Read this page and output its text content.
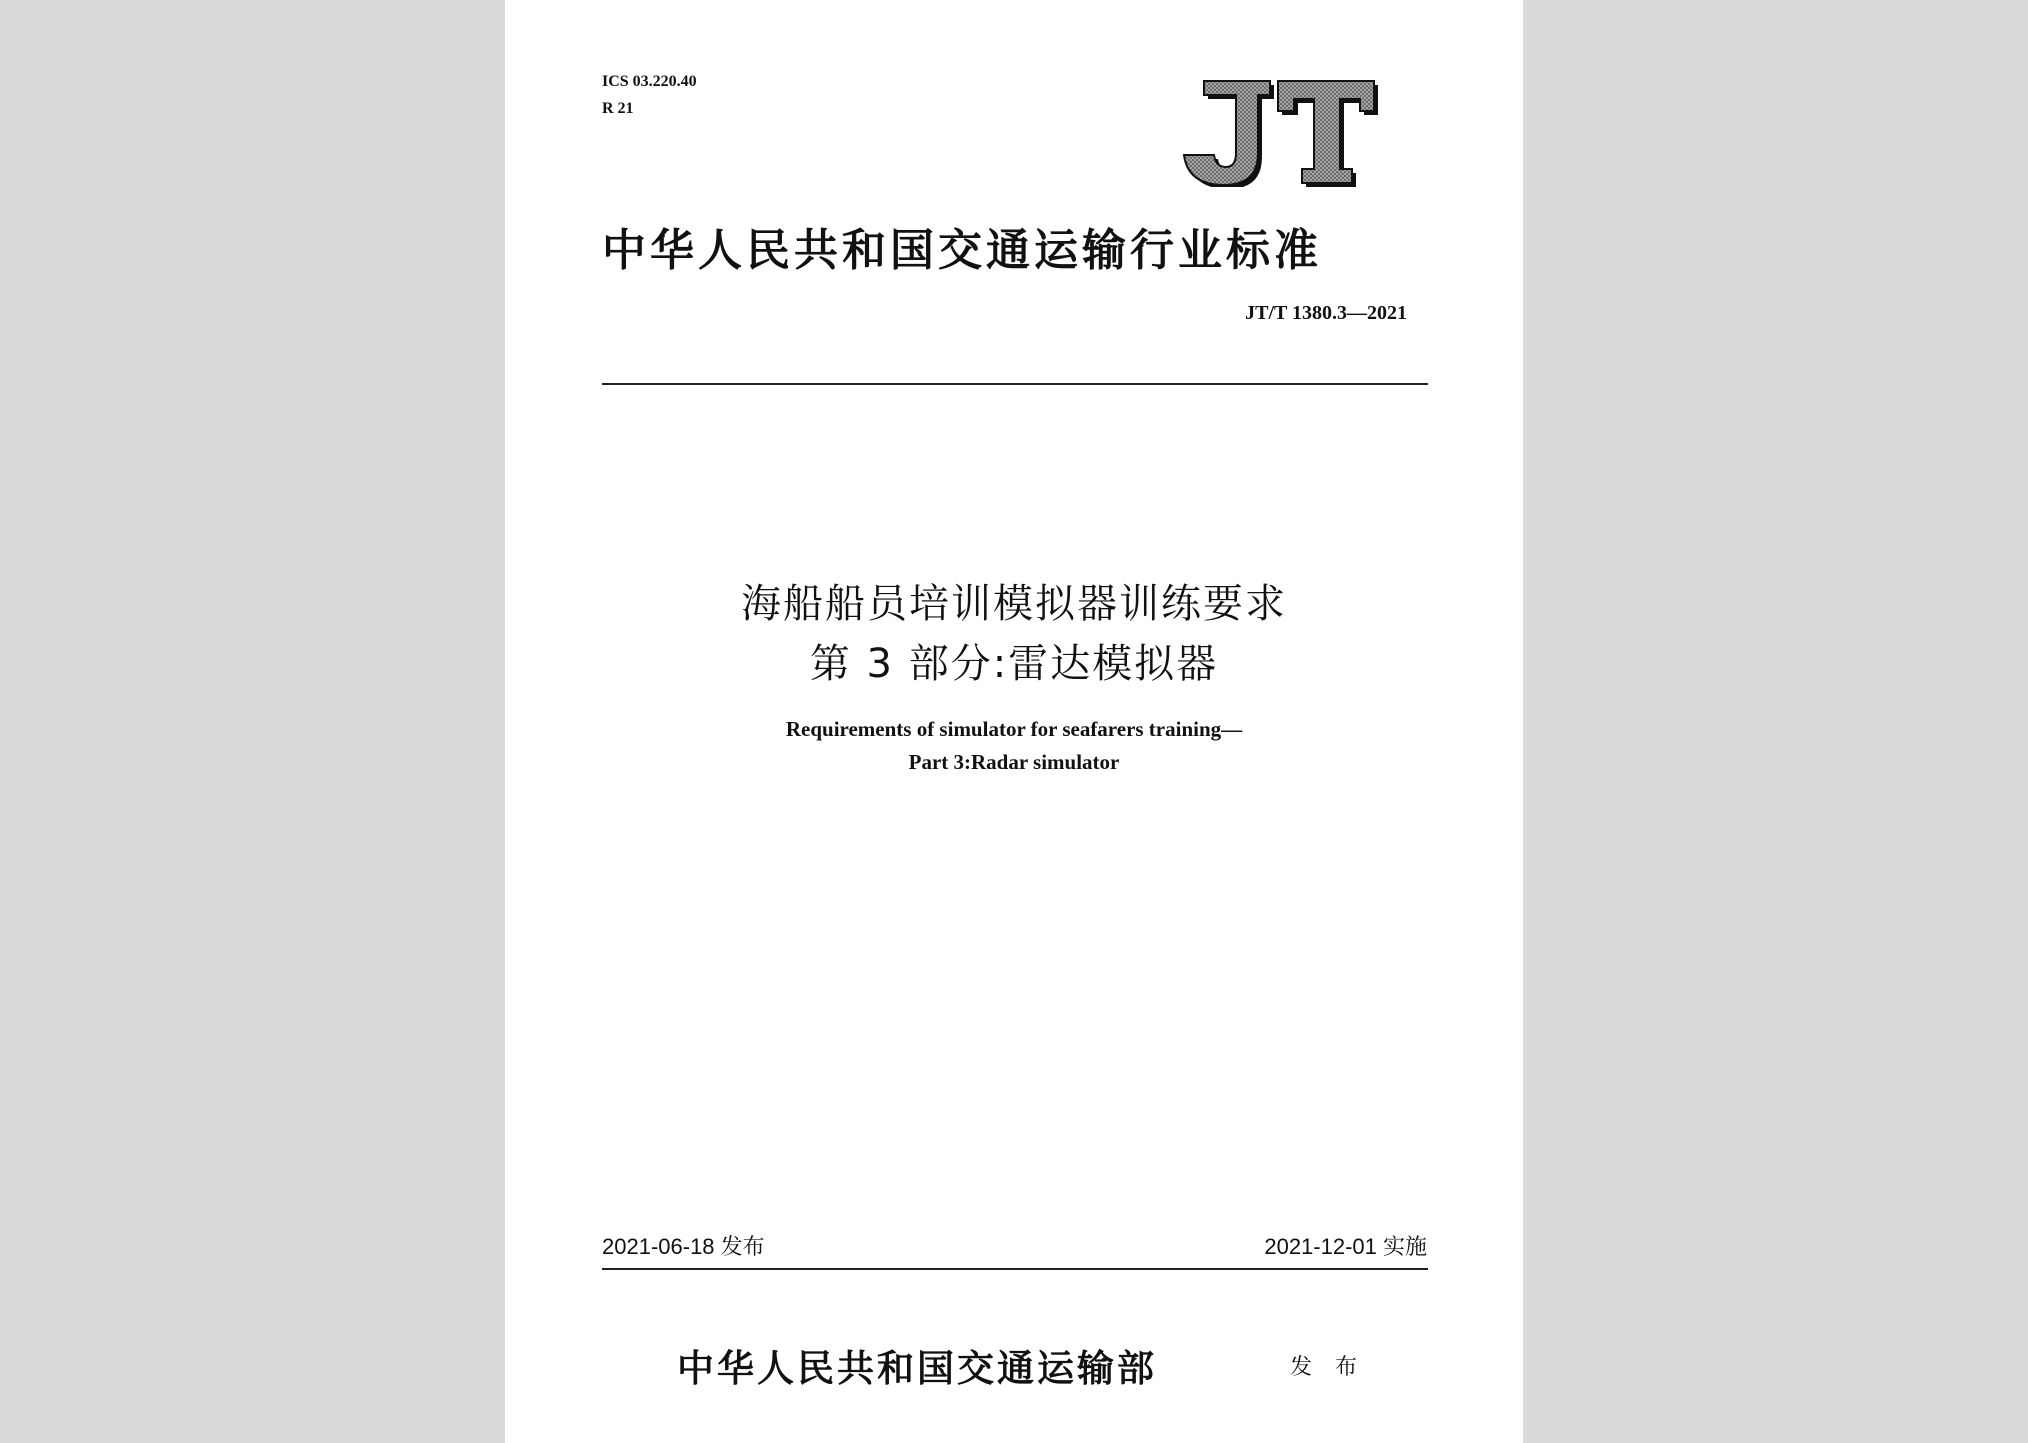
ICS 03.220.40
R 21
中华人民共和国交通运输行业标准
JT/T 1380.3—2021
海船船员培训模拟器训练要求
第 3 部分:雷达模拟器
Requirements of simulator for seafarers training—
Part 3:Radar simulator
2021-06-18 发布	2021-12-01 实施
中华人民共和国交通运输部	发 布
